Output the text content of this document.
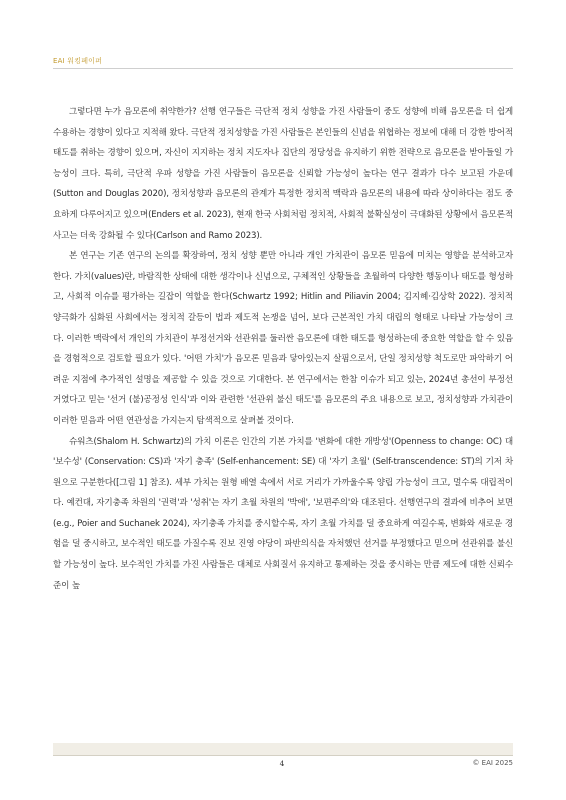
EAI 워킹페이퍼

그렇다면 누가 음모론에 취약한가? 선행 연구들은 극단적 정치 성향을 가진 사람들이 중도 성향에 비해 음모론을 더 쉽게 수용하는 경향이 있다고 지적해 왔다. 극단적 정치성향을 가진 사람들은 본인들의 신념을 위협하는 정보에 대해 더 강한 방어적 태도를 취하는 경향이 있으며, 자신이 지지하는 정치 지도자나 집단의 정당성을 유지하기 위한 전략으로 음모론을 받아들일 가능성이 크다. 특히, 극단적 우파 성향을 가진 사람들이 음모론을 신뢰할 가능성이 높다는 연구 결과가 다수 보고된 가운데(Sutton and Douglas 2020), 정치성향과 음모론의 관계가 특정한 정치적 맥락과 음모론의 내용에 따라 상이하다는 점도 중요하게 다루어지고 있으며(Enders et al. 2023), 현재 한국 사회처럼 정치적, 사회적 불확실성이 극대화된 상황에서 음모론적 사고는 더욱 강화될 수 있다(Carlson and Ramo 2023).

본 연구는 기존 연구의 논의를 확장하여, 정치 성향 뿐만 아니라 개인 가치관이 음모론 믿음에 미치는 영향을 분석하고자 한다. 가치(values)란, 바람직한 상태에 대한 생각이나 신념으로, 구체적인 상황들을 초월하여 다양한 행동이나 태도를 형성하고, 사회적 이슈를 평가하는 길잡이 역할을 한다(Schwartz 1992; Hitlin and Piliavin 2004; 김지혜·김상학 2022). 정치적 양극화가 심화된 사회에서는 정치적 갈등이 법과 제도적 논쟁을 넘어, 보다 근본적인 가치 대립의 형태로 나타날 가능성이 크다. 이러한 맥락에서 개인의 가치관이 부정선거와 선관위를 둘러싼 음모론에 대한 태도를 형성하는데 중요한 역할을 할 수 있음을 경험적으로 검토할 필요가 있다. '어떤 가치'가 음모론 믿음과 닿아있는지 살핌으로서, 단일 정치성향 척도로만 파악하기 어려운 지점에 추가적인 설명을 제공할 수 있을 것으로 기대한다. 본 연구에서는 한참 이슈가 되고 있는, 2024년 총선이 부정선거였다고 믿는 '선거 (불)공정성 인식'과 이와 관련한 '선관위 불신 태도'를 음모론의 주요 내용으로 보고, 정치성향과 가치관이 이러한 믿음과 어떤 연관성을 가지는지 탐색적으로 살펴볼 것이다.

슈워츠(Shalom H. Schwartz)의 가치 이론은 인간의 기본 가치를 '변화에 대한 개방성'(Openness to change: OC) 대 '보수성' (Conservation: CS)과 '자기 충족' (Self-enhancement: SE) 대 '자기 초월' (Self-transcendence: ST)의 기저 차원으로 구분한다([그림 1] 참조). 세부 가치는 원형 배열 속에서 서로 거리가 가까울수록 양립 가능성이 크고, 멀수록 대립적이다. 예컨대, 자기충족 차원의 '권력'과 '성취'는 자기 초월 차원의 '박애', '보편주의'와 대조된다. 선행연구의 결과에 비추어 보면(e.g., Poier and Suchanek 2024), 자기충족 가치를 중시할수록, 자기 초월 가치를 덜 중요하게 여길수록, 변화와 새로운 경험을 덜 중시하고, 보수적인 태도를 가질수록 진보 진영 야당이 파반의식을 자처했던 선거를 부정했다고 믿으며 선관위를 불신할 가능성이 높다. 보수적인 가치를 가진 사람들은 대체로 사회질서 유지하고 통제하는 것을 중시하는 만큼 제도에 대한 신뢰수준이 높

4	© EAI 2025
